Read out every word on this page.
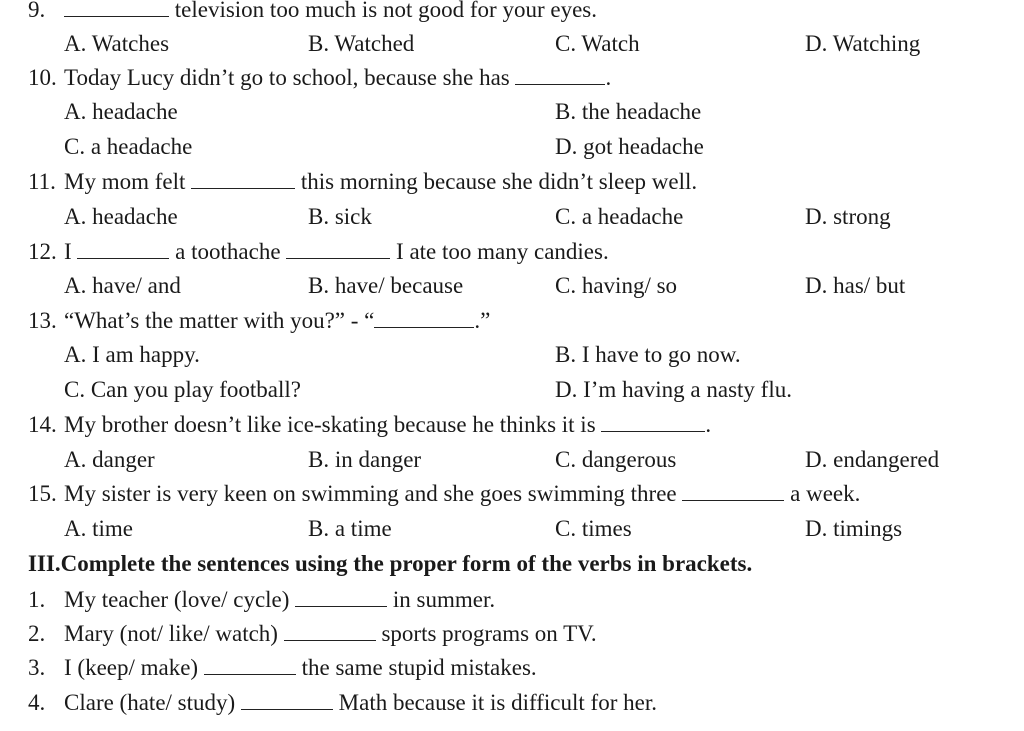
9.	television too much is not good for your eyes.
A. Watches	B. Watched	C. Watch	D. Watching
10. Today Lucy didn’t go to school, because she has	.
A. headache	B. the headache
C. a headache	D. got headache
11. My mom felt	this morning because she didn’t sleep well.
A. headache	B. sick	C. a headache	D. strong
12. I	a toothache	I ate too many candies.
A. have/ and	B. have/ because	C. having/ so	D. has/ but
13. “What’s the matter with you?” - “	.”
A. I am happy.	B. I have to go now.
C. Can you play football?	D. I’m having a nasty flu.
14. My brother doesn’t like ice-skating because he thinks it is	.
A. danger	B. in danger	C. dangerous	D. endangered
15. My sister is very keen on swimming and she goes swimming three	a week.
A. time	B. a time	C. times	D. timings
III.Complete the sentences using the proper form of the verbs in brackets.
1. My teacher (love/ cycle)	in summer.
2. Mary (not/ like/ watch)	sports programs on TV.
3. I (keep/ make)	the same stupid mistakes.
4. Clare (hate/ study)	Math because it is difficult for her.
